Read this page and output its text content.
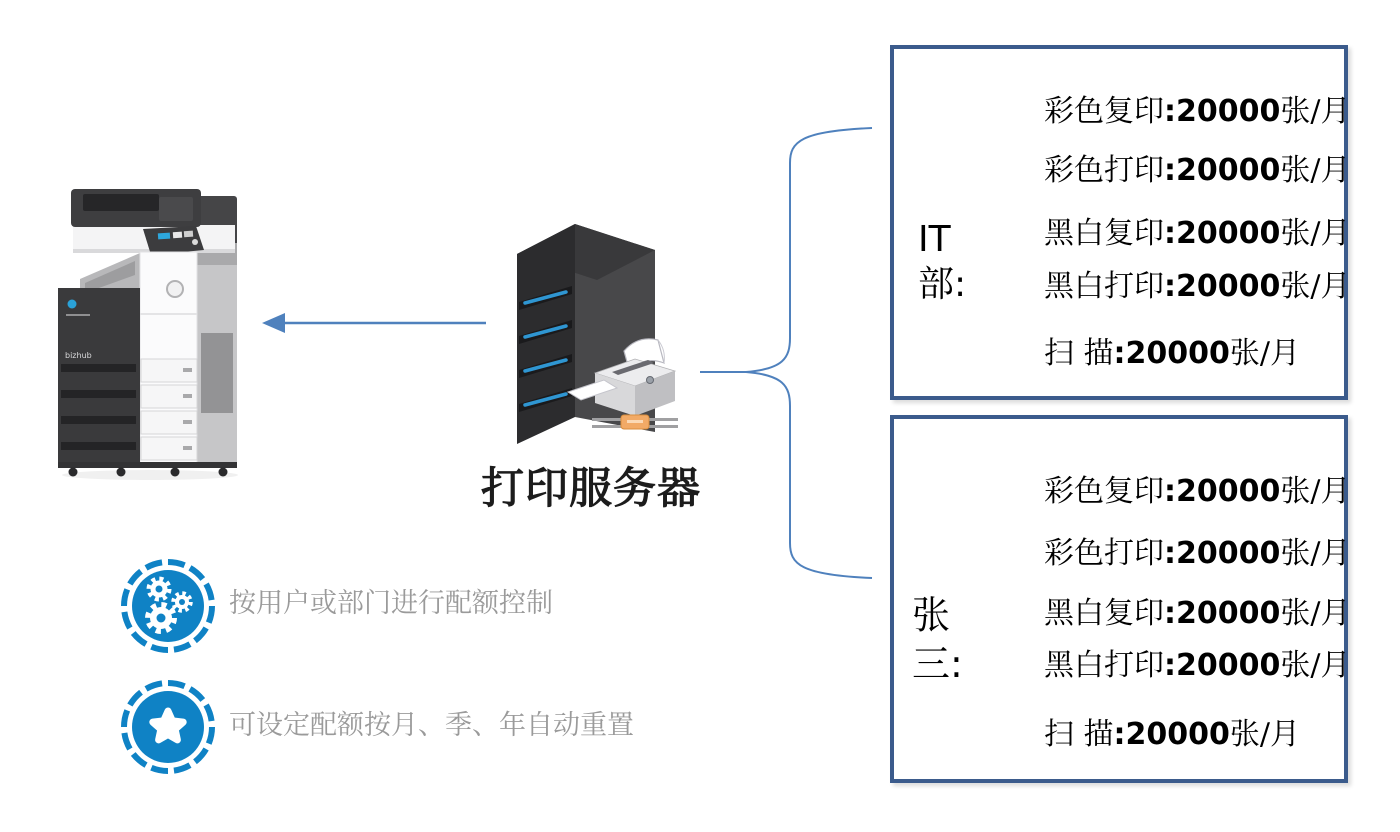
bizhub
打印服务器
IT
部:
彩色复印:20000张/月
彩色打印:20000张/月
黑白复印:20000张/月
黑白打印:20000张/月
扫 描:20000张/月
张
三:
彩色复印:20000张/月
彩色打印:20000张/月
黑白复印:20000张/月
黑白打印:20000张/月
扫 描:20000张/月
按用户或部门进行配额控制
可设定配额按月、季、年自动重置
